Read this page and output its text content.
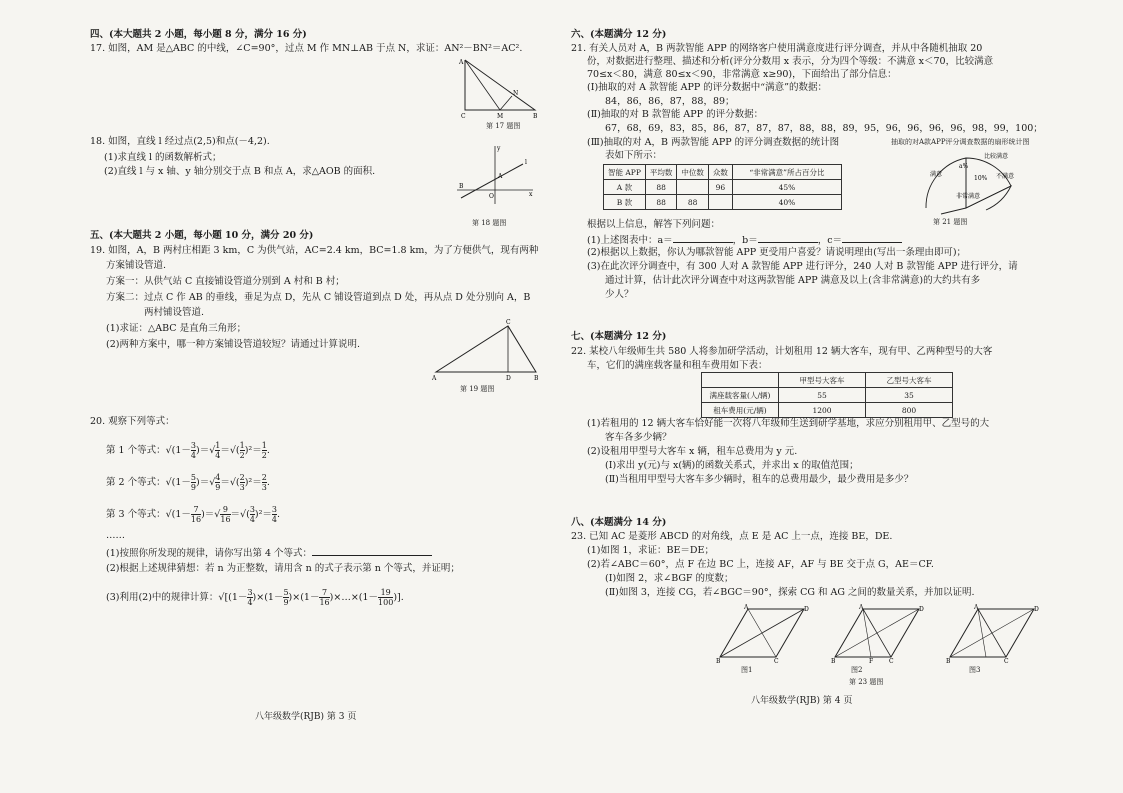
四、(本大题共 2 小题，每小题 8 分，满分 16 分)
17. 如图，AM 是△ABC 的中线，∠C=90°，过点 M 作 MN⊥AB 于点 N，求证：AN²－BN²＝AC².
A
C	M	B
N
第 17 题图
18. 如图，直线 l 经过点(2,5)和点(－4,2).
(1)求直线 l 的函数解析式；
(2)直线 l 与 x 轴、y 轴分别交于点 B 和点 A，求△AOB 的面积.
y
x
l
O
B
A
第 18 题图
五、(本大题共 2 小题，每小题 10 分，满分 20 分)
19. 如图，A，B 两村庄相距 3 km，C 为供气站，AC=2.4 km，BC=1.8 km，为了方便供气，现有两种
方案铺设管道.
方案一：从供气站 C 直接铺设管道分别到 A 村和 B 村；
方案二：过点 C 作 AB 的垂线，垂足为点 D，先从 C 铺设管道到点 D 处，再从点 D 处分别向 A，B
两村铺设管道.
(1)求证：△ABC 是直角三角形；
(2)两种方案中，哪一种方案铺设管道较短？请通过计算说明.
A	D	B
C
第 19 题图
20. 观察下列等式：
第 1 个等式：$√(1- \frac{3}{4}$ )＝√ $\frac{1}{4}$ ＝√( $\frac{1}{2} )^2= \frac{1}{2}$ .
第 2 个等式：$√(1- \frac{5}{9}$ )＝√ $\frac{4}{9}$ ＝√( $\frac{2}{3} )^2= \frac{2}{3}$ .
第 3 个等式：$√(1- \frac{7}{16}$ )＝√ $\frac{9}{16}$ ＝√( $\frac{3}{4} )^2= \frac{3}{4}$ .
……
(1)按照你所发现的规律，请你写出第 4 个等式：
(2)根据上述规律猜想：若 n 为正整数，请用含 n 的式子表示第 n 个等式，并证明；
(3)利用(2)中的规律计算：$√[(1- \frac{3}{4} )\times(1- \frac{5}{9} )\times(1- \frac{7}{16}$ )×…×(1－ $\frac{19}{100}$ )].
八年级数学(RJB) 第 3 页
六、(本题满分 12 分)
21. 有关人员对 A，B 两款智能 APP 的网络客户使用满意度进行评分调查，并从中各随机抽取 20
份，对数据进行整理、描述和分析(评分分数用 x 表示，分为四个等级：不满意 x＜70，比较满意
70≤x＜80，满意 80≤x＜90，非常满意 x≥90)，下面给出了部分信息：
(Ⅰ)抽取的对 A 款智能 APP 的评分数据中“满意”的数据：
84，86，86，87，88，89；
(Ⅱ)抽取的对 B 款智能 APP 的评分数据：
67，68，69，83，85，86，87，87，87，88，88，89，95，96，96，96，96，98，99，100；
(Ⅲ)抽取的对 A，B 两款智能 APP 的评分调查数据的统计图
表如下所示：
抽取的对A款APP评分调查数据的扇形统计图
比较满意
满意
a%
10% 不满意
非常满意
第 21 题图
智能 APP	平均数	中位数	众数	“非常满意”所占百分比
A 款	88		96	45%
B 款	88	88		40%
根据以上信息，解答下列问题：
(1)上述图表中：a＝	，b＝	，c＝
(2)根据以上数据，你认为哪款智能 APP 更受用户喜爱？请说明理由(写出一条理由即可)；
(3)在此次评分调查中，有 300 人对 A 款智能 APP 进行评分，240 人对 B 款智能 APP 进行评分，请
通过计算，估计此次评分调查中对这两款智能 APP 满意及以上(含非常满意)的大约共有多
少人？
七、(本题满分 12 分)
22. 某校八年级师生共 580 人将参加研学活动，计划租用 12 辆大客车，现有甲、乙两种型号的大客
车，它们的满座载客量和租车费用如下表：
	甲型号大客车	乙型号大客车
满座载客量(人/辆)	55	35
租车费用(元/辆)	1200	800
(1)若租用的 12 辆大客车恰好能一次将八年级师生送到研学基地，求应分别租用甲、乙型号的大
客车各多少辆？
(2)设租用甲型号大客车 x 辆，租车总费用为 y 元.
(Ⅰ)求出 y(元)与 x(辆)的函数关系式，并求出 x 的取值范围；
(Ⅱ)当租用甲型号大客车多少辆时，租车的总费用最少，最少费用是多少？
八、(本题满分 14 分)
23. 已知 AC 是菱形 ABCD 的对角线，点 E 是 AC 上一点，连接 BE，DE.
(1)如图 1，求证：BE＝DE；
(2)若∠ABC＝60°，点 F 在边 BC 上，连接 AF，AF 与 BE 交于点 G，AE＝CF.
(Ⅰ)如图 2，求∠BGF 的度数；
(Ⅱ)如图 3，连接 CG，若∠BGC＝90°，探索 CG 和 AG 之间的数量关系，并加以证明.
B	C
A	D
图1
B	F	C
A	D
图2
B	C
A	D
图3
第 23 题图
八年级数学(RJB) 第 4 页
